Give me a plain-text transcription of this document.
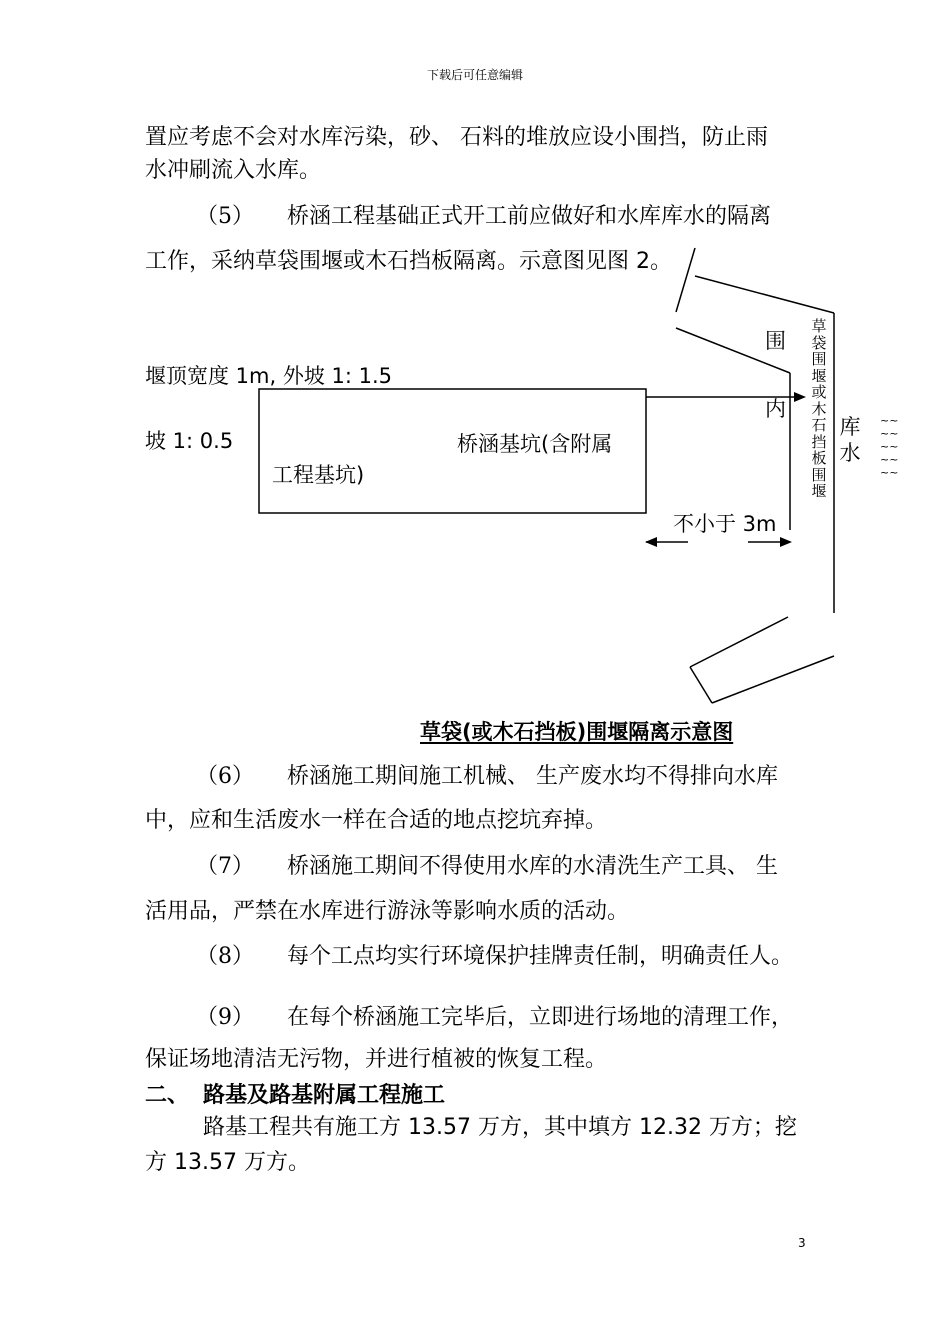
下载后可任意编辑
置应考虑不会对水库污染，砂、 石料的堆放应设小围挡，防止雨
水冲刷流入水库。
（5） 桥涵工程基础正式开工前应做好和水库库水的隔离
工作，采纳草袋围堰或木石挡板隔离。示意图见图 2。
堰顶宽度 1m, 外坡 1: 1.5
坡 1: 0.5	桥涵基坑(含附属
工程基坑)
围
内
草袋围堰或木石挡板围堰
库水
~~
~~
~~
~~
~~
不小于 3m
草袋(或木石挡板)围堰隔离示意图
（6） 桥涵施工期间施工机械、 生产废水均不得排向水库
中，应和生活废水一样在合适的地点挖坑弃掉。
（7） 桥涵施工期间不得使用水库的水清洗生产工具、 生
活用品，严禁在水库进行游泳等影响水质的活动。
（8） 每个工点均实行环境保护挂牌责任制，明确责任人。
（9） 在每个桥涵施工完毕后，立即进行场地的清理工作，
保证场地清洁无污物，并进行植被的恢复工程。
二、 路基及路基附属工程施工
路基工程共有施工方 13.57 万方，其中填方 12.32 万方；挖
方 13.57 万方。
3
